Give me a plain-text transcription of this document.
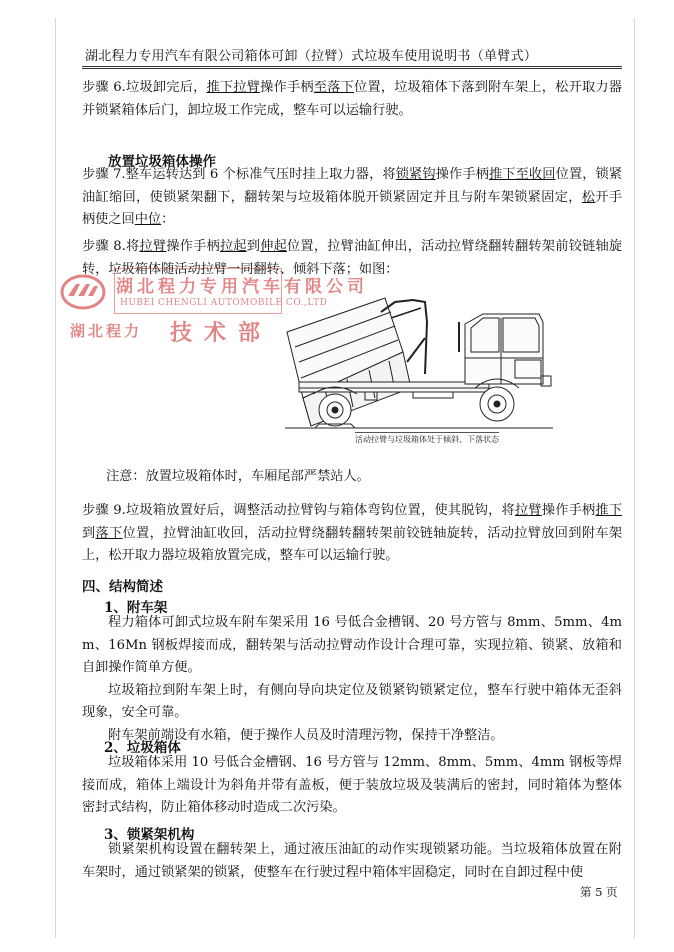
湖北程力专用汽车有限公司箱体可卸（拉臂）式垃圾车使用说明书（单臂式）

步骤 6.垃圾卸完后，推下拉臂操作手柄至落下位置，垃圾箱体下落到附车架上，松开取力器并锁紧箱体后门，卸垃圾工作完成，整车可以运输行驶。

放置垃圾箱体操作

步骤 7.整车运转达到 6 个标准气压时挂上取力器，将锁紧钩操作手柄推下至收回位置，锁紧油缸缩回，使锁紧架翻下，翻转架与垃圾箱体脱开锁紧固定并且与附车架锁紧固定，松开手柄使之回中位：

步骤 8.将拉臂操作手柄拉起到伸起位置，拉臂油缸伸出，活动拉臂绕翻转翻转架前铰链轴旋转，垃圾箱体随活动拉臂一同翻转、倾斜下落；如图：

湖北程力专用汽车有限公司
HUBEI CHENGLI AUTOMOBILE CO.,LTD
湖北程力 技术部
活动拉臂与垃圾箱体处于倾斜、下落状态

注意：放置垃圾箱体时，车厢尾部严禁站人。

步骤 9.垃圾箱放置好后，调整活动拉臂钩与箱体弯钩位置，使其脱钩，将拉臂操作手柄推下到落下位置，拉臂油缸收回，活动拉臂绕翻转翻转架前铰链轴旋转，活动拉臂放回到附车架上，松开取力器垃圾箱放置完成，整车可以运输行驶。

四、结构简述
1、附车架

程力箱体可卸式垃圾车附车架采用 16 号低合金槽钢、20 号方管与 8mm、5mm、4mm、16Mn 钢板焊接而成，翻转架与活动拉臂动作设计合理可靠，实现拉箱、锁紧、放箱和自卸操作简单方便。

垃圾箱拉到附车架上时，有侧向导向块定位及锁紧钩锁紧定位，整车行驶中箱体无歪斜现象，安全可靠。

附车架前端设有水箱，便于操作人员及时清理污物，保持干净整洁。

2、垃圾箱体

垃圾箱体采用 10 号低合金槽钢、16 号方管与 12mm、8mm、5mm、4mm 钢板等焊接而成，箱体上端设计为斜角并带有盖板，便于装放垃圾及装满后的密封，同时箱体为整体密封式结构，防止箱体移动时造成二次污染。

3、锁紧架机构

锁紧架机构设置在翻转架上，通过液压油缸的动作实现锁紧功能。当垃圾箱体放置在附车架时，通过锁紧架的锁紧，使整车在行驶过程中箱体牢固稳定，同时在自卸过程中使

第 5 页
